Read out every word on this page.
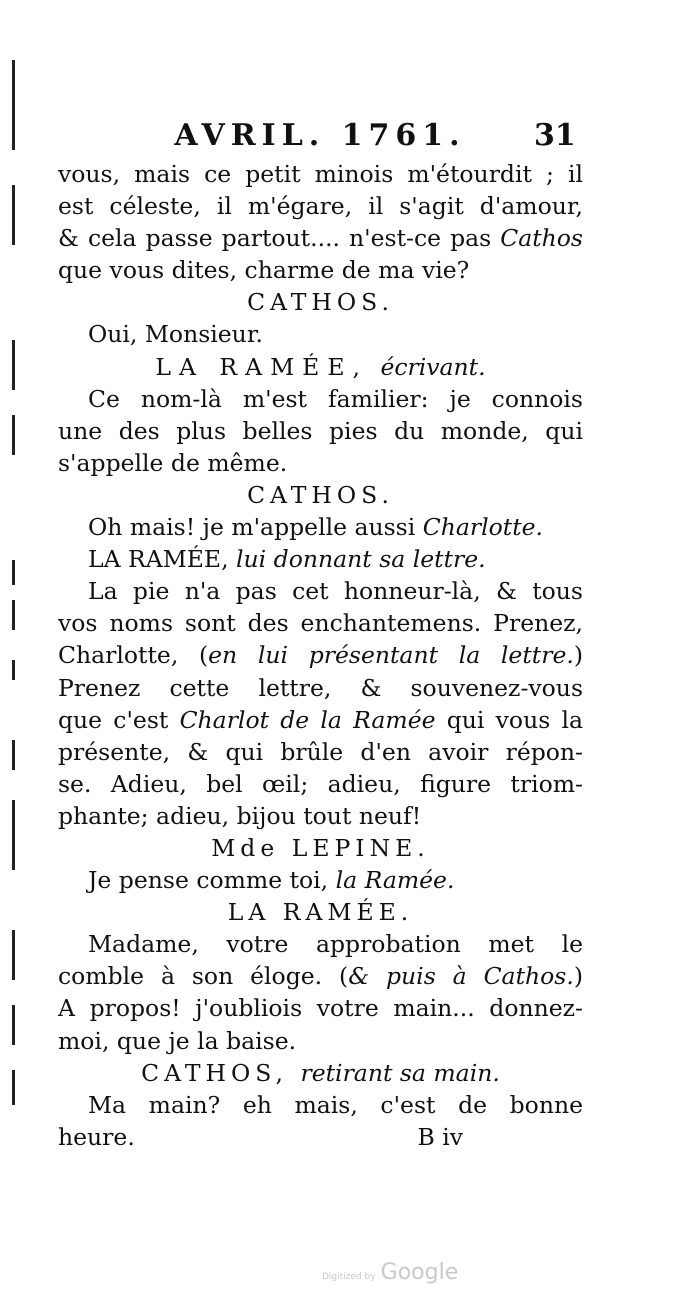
AVRIL. 1761.	31
vous, mais ce petit minois m'étourdit ; il
est céleste, il m'égare, il s'agit d'amour,
& cela passe partout.... n'est-ce pas Cathos
que vous dites, charme de ma vie?
CATHOS.
Oui, Monsieur.
LA RAMÉE, écrivant.
Ce nom-là m'est familier: je connois
une des plus belles pies du monde, qui
s'appelle de même.
CATHOS.
Oh mais! je m'appelle aussi Charlotte.
LA RAMÉE, lui donnant sa lettre.
La pie n'a pas cet honneur-là, & tous
vos noms sont des enchantemens. Prenez,
Charlotte, (en lui présentant la lettre.)
Prenez cette lettre, & souvenez-vous
que c'est Charlot de la Ramée qui vous la
présente, & qui brûle d'en avoir répon-
se. Adieu, bel œil; adieu, figure triom-
phante; adieu, bijou tout neuf!
Mde LEPINE.
Je pense comme toi, la Ramée.
LA RAMÉE.
Madame, votre approbation met le
comble à son éloge. (& puis à Cathos.)
A propos! j'oubliois votre main... donnez-
moi, que je la baise.
CATHOS, retirant sa main.
Ma main? eh mais, c'est de bonne
heure.	B iv
Digitized by Google
